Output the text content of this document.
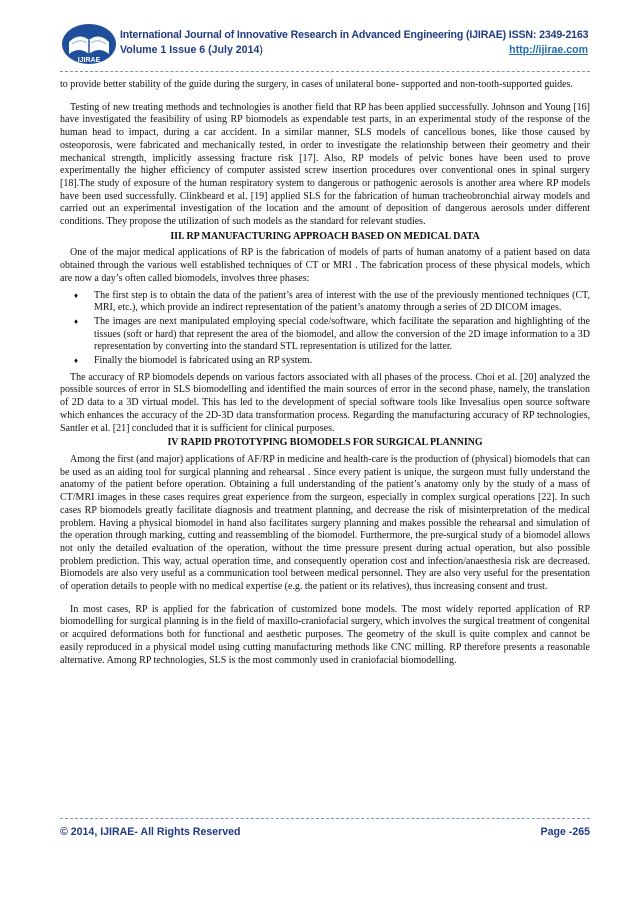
IJIRAE
International Journal of Innovative Research in Advanced Engineering (IJIRAE) ISSN: 2349-2163
Volume 1 Issue 6 (July 2014)	http://ijirae.com

to provide better stability of the guide during the surgery, in cases of unilateral bone- supported and non-tooth-supported guides.

Testing of new treating methods and technologies is another field that RP has been applied successfully. Johnson and Young [16] have investigated the feasibility of using RP biomodels as expendable test parts, in an experimental study of the response of the human head to impact, during a car accident. In a similar manner, SLS models of cancellous bones, like those caused by osteoporosis, were fabricated and mechanically tested, in order to investigate the relationship between their geometry and their mechanical strength, implicitly assessing fracture risk [17]. Also, RP models of pelvic bones have been used to prove experimentally the higher efficiency of computer assisted screw insertion procedures over conventional ones in spinal surgery [18].The study of exposure of the human respiratory system to dangerous or pathogenic aerosols is another area where RP models have been used successfully. Clinkbeard et al. [19] applied SLS for the fabrication of human tracheobronchial airway models and carried out an experimental investigation of the location and the amount of deposition of dangerous aerosols under different conditions. They propose the utilization of such models as the standard for relevant studies.

III. RP MANUFACTURING APPROACH BASED ON MEDICAL DATA

One of the major medical applications of RP is the fabrication of models of parts of human anatomy of a patient based on data obtained through the various well established techniques of CT or MRI . The fabrication process of these physical models, which are now a day’s often called biomodels, involves three phases:

♦ The first step is to obtain the data of the patient’s area of interest with the use of the previously mentioned techniques (CT, MRI, etc.), which provide an indirect representation of the patient’s anatomy through a series of 2D DICOM images.
♦ The images are next manipulated employing special code/software, which facilitate the separation and highlighting of the tissues (soft or hard) that represent the area of the biomodel, and allow the conversion of the 2D image information to a 3D representation by converting into the standard STL representation is utilized for the latter.
♦ Finally the biomodel is fabricated using an RP system.

The accuracy of RP biomodels depends on various factors associated with all phases of the process. Choi et al. [20] analyzed the possible sources of error in SLS biomodelling and identified the main sources of error in the second phase, namely, the translation of 2D data to a 3D virtual model. This has led to the development of special software tools like Invesalius open source software which enhances the accuracy of the 2D-3D data transformation process. Regarding the manufacturing accuracy of RP technologies, Santler et al. [21] concluded that it is sufficient for clinical purposes.

IV RAPID PROTOTYPING BIOMODELS FOR SURGICAL PLANNING

Among the first (and major) applications of AF/RP in medicine and health-care is the production of (physical) biomodels that can be used as an aiding tool for surgical planning and rehearsal . Since every patient is unique, the surgeon must fully understand the anatomy of the patient before operation. Obtaining a full understanding of the patient’s anatomy only by the study of a mass of CT/MRI images in these cases requires great experience from the surgeon, especially in complex surgical operations [22]. In such cases RP biomodels greatly facilitate diagnosis and treatment planning, and decrease the risk of misinterpretation of the medical problem. Having a physical biomodel in hand also facilitates surgery planning and makes possible the rehearsal and simulation of the operation through marking, cutting and reassembling of the biomodel. Furthermore, the pre-surgical study of a biomodel allows not only the detailed evaluation of the operation, without the time pressure present during actual operation, but also possible problem prediction. This way, actual operation time, and consequently operation cost and infection/anaesthesia risk are decreased. Biomodels are also very useful as a communication tool between medical personnel. They are also very useful for the presentation of operation details to people with no medical expertise (e.g. the patient or its relatives), thus increasing consent and trust.

In most cases, RP is applied for the fabrication of customized bone models. The most widely reported application of RP biomodelling for surgical planning is in the field of maxillo-craniofacial surgery, which involves the surgical treatment of congenital or acquired deformations both for functional and aesthetic purposes. The geometry of the skull is quite complex and cannot be easily reproduced in a physical model using cutting manufacturing methods like CNC milling. RP therefore presents a reasonable alternative. Among RP technologies, SLS is the most commonly used in craniofacial biomodelling.

© 2014, IJIRAE- All Rights Reserved	Page -265
